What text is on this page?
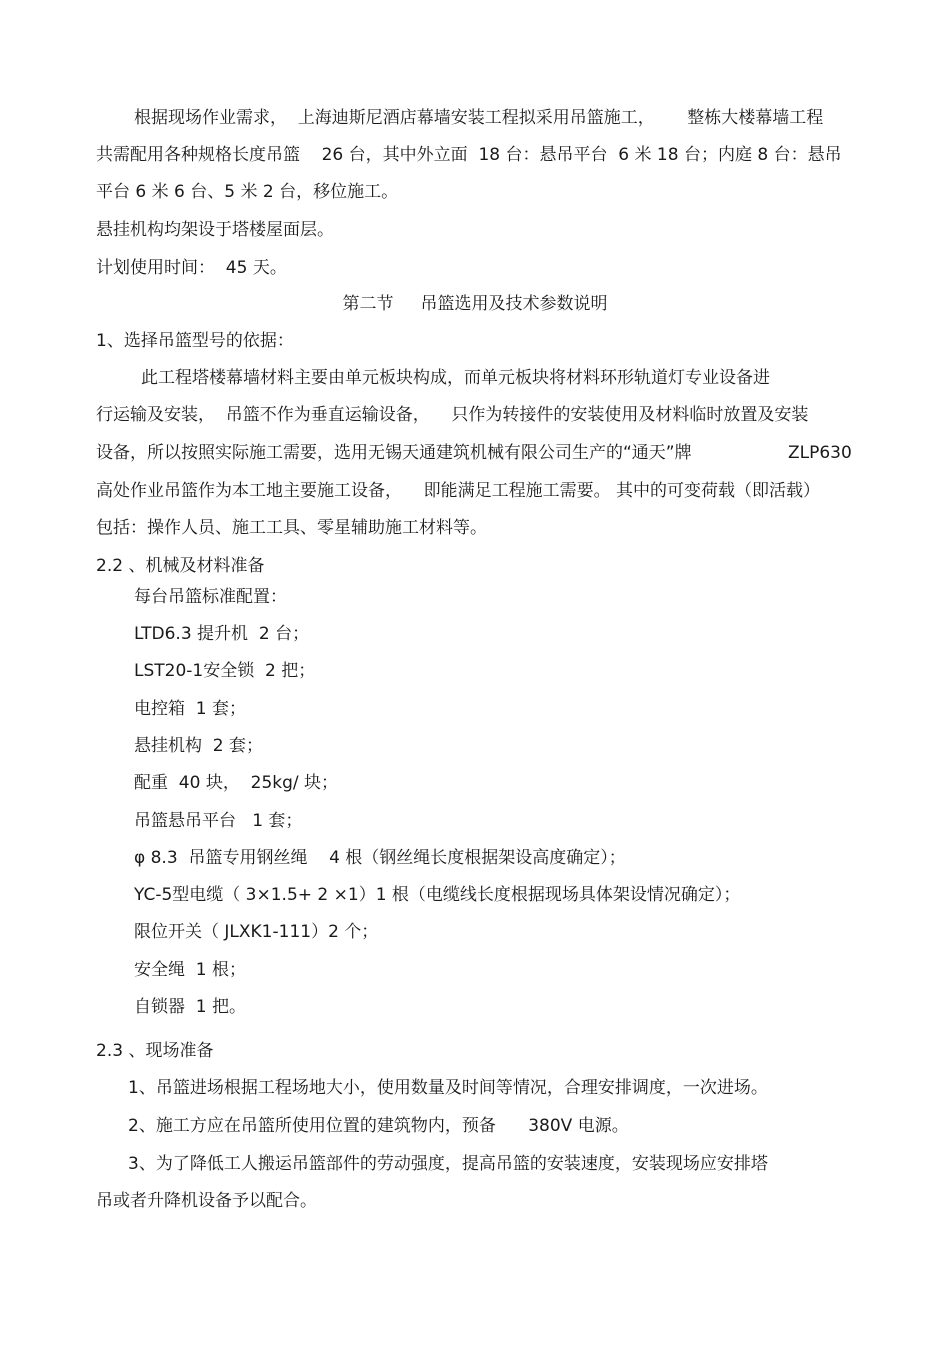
根据现场作业需求，  上海迪斯尼酒店幕墙安装工程拟采用吊篮施工，      整栋大楼幕墙工程
共需配用各种规格长度吊篮    26 台，其中外立面  18 台：悬吊平台  6 米 18 台；内庭 8 台：悬吊
平台 6 米 6 台、5 米 2 台，移位施工。
悬挂机构均架设于塔楼屋面层。
计划使用时间：  45 天。
第二节     吊篮选用及技术参数说明
1、选择吊篮型号的依据：
此工程塔楼幕墙材料主要由单元板块构成，而单元板块将材料环形轨道灯专业设备进
行运输及安装，  吊篮不作为垂直运输设备，    只作为转接件的安装使用及材料临时放置及安装
设备，所以按照实际施工需要，选用无锡天通建筑机械有限公司生产的“通天”牌	ZLP630
高处作业吊篮作为本工地主要施工设备，    即能满足工程施工需要。 其中的可变荷载（即活载）
包括：操作人员、施工工具、零星辅助施工材料等。
2.2 、机械及材料准备
每台吊篮标准配置：
LTD6.3 提升机  2 台；
LST20-1安全锁  2 把；
电控箱  1 套；
悬挂机构  2 套；
配重  40 块，  25kg/ 块；
吊篮悬吊平台   1 套；
φ 8.3  吊篮专用钢丝绳    4 根（钢丝绳长度根据架设高度确定）；
YC-5型电缆（ 3×1.5+ 2 ×1）1 根（电缆线长度根据现场具体架设情况确定）；
限位开关（ JLXK1-111）2 个；
安全绳  1 根；
自锁器  1 把。
2.3 、现场准备
1、吊篮进场根据工程场地大小，使用数量及时间等情况，合理安排调度，一次进场。
2、施工方应在吊篮所使用位置的建筑物内，预备      380V 电源。
3、为了降低工人搬运吊篮部件的劳动强度，提高吊篮的安装速度，安装现场应安排塔
吊或者升降机设备予以配合。
